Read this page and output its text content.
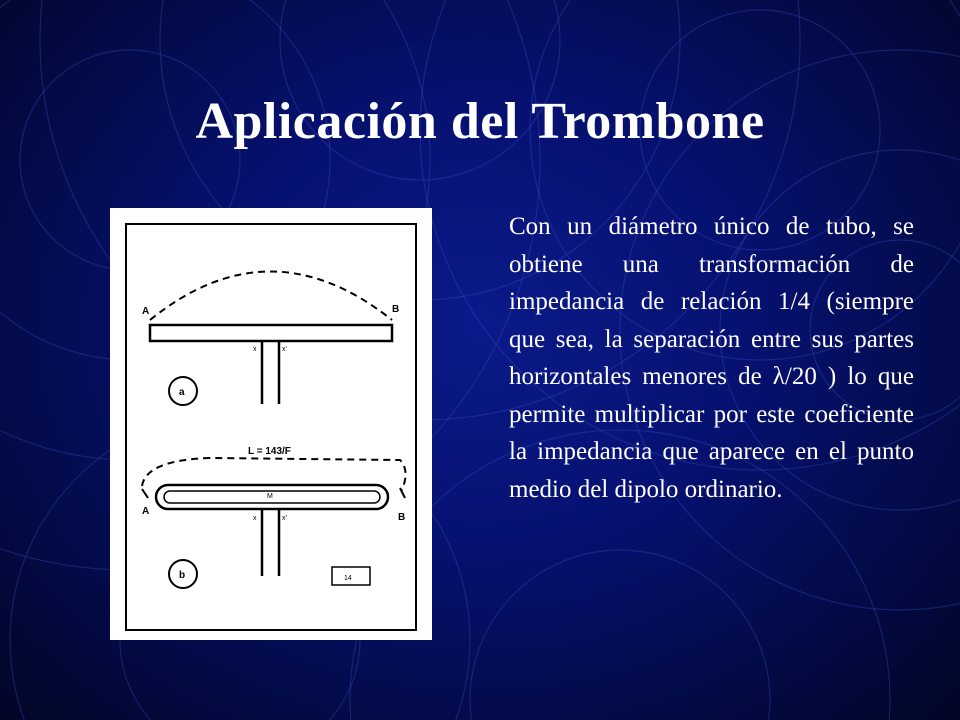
Aplicación del Trombone
A	B
x	x'
a
L = 143/F
A
B
M
x	x'
b	14

Con un diámetro único de tubo, se obtiene una transformación de impedancia de relación 1/4 (siempre que sea, la separación entre sus partes horizontales menores de λ/20 ) lo que permite multiplicar por este coeficiente la impedancia que aparece en el punto medio del dipolo ordinario.
